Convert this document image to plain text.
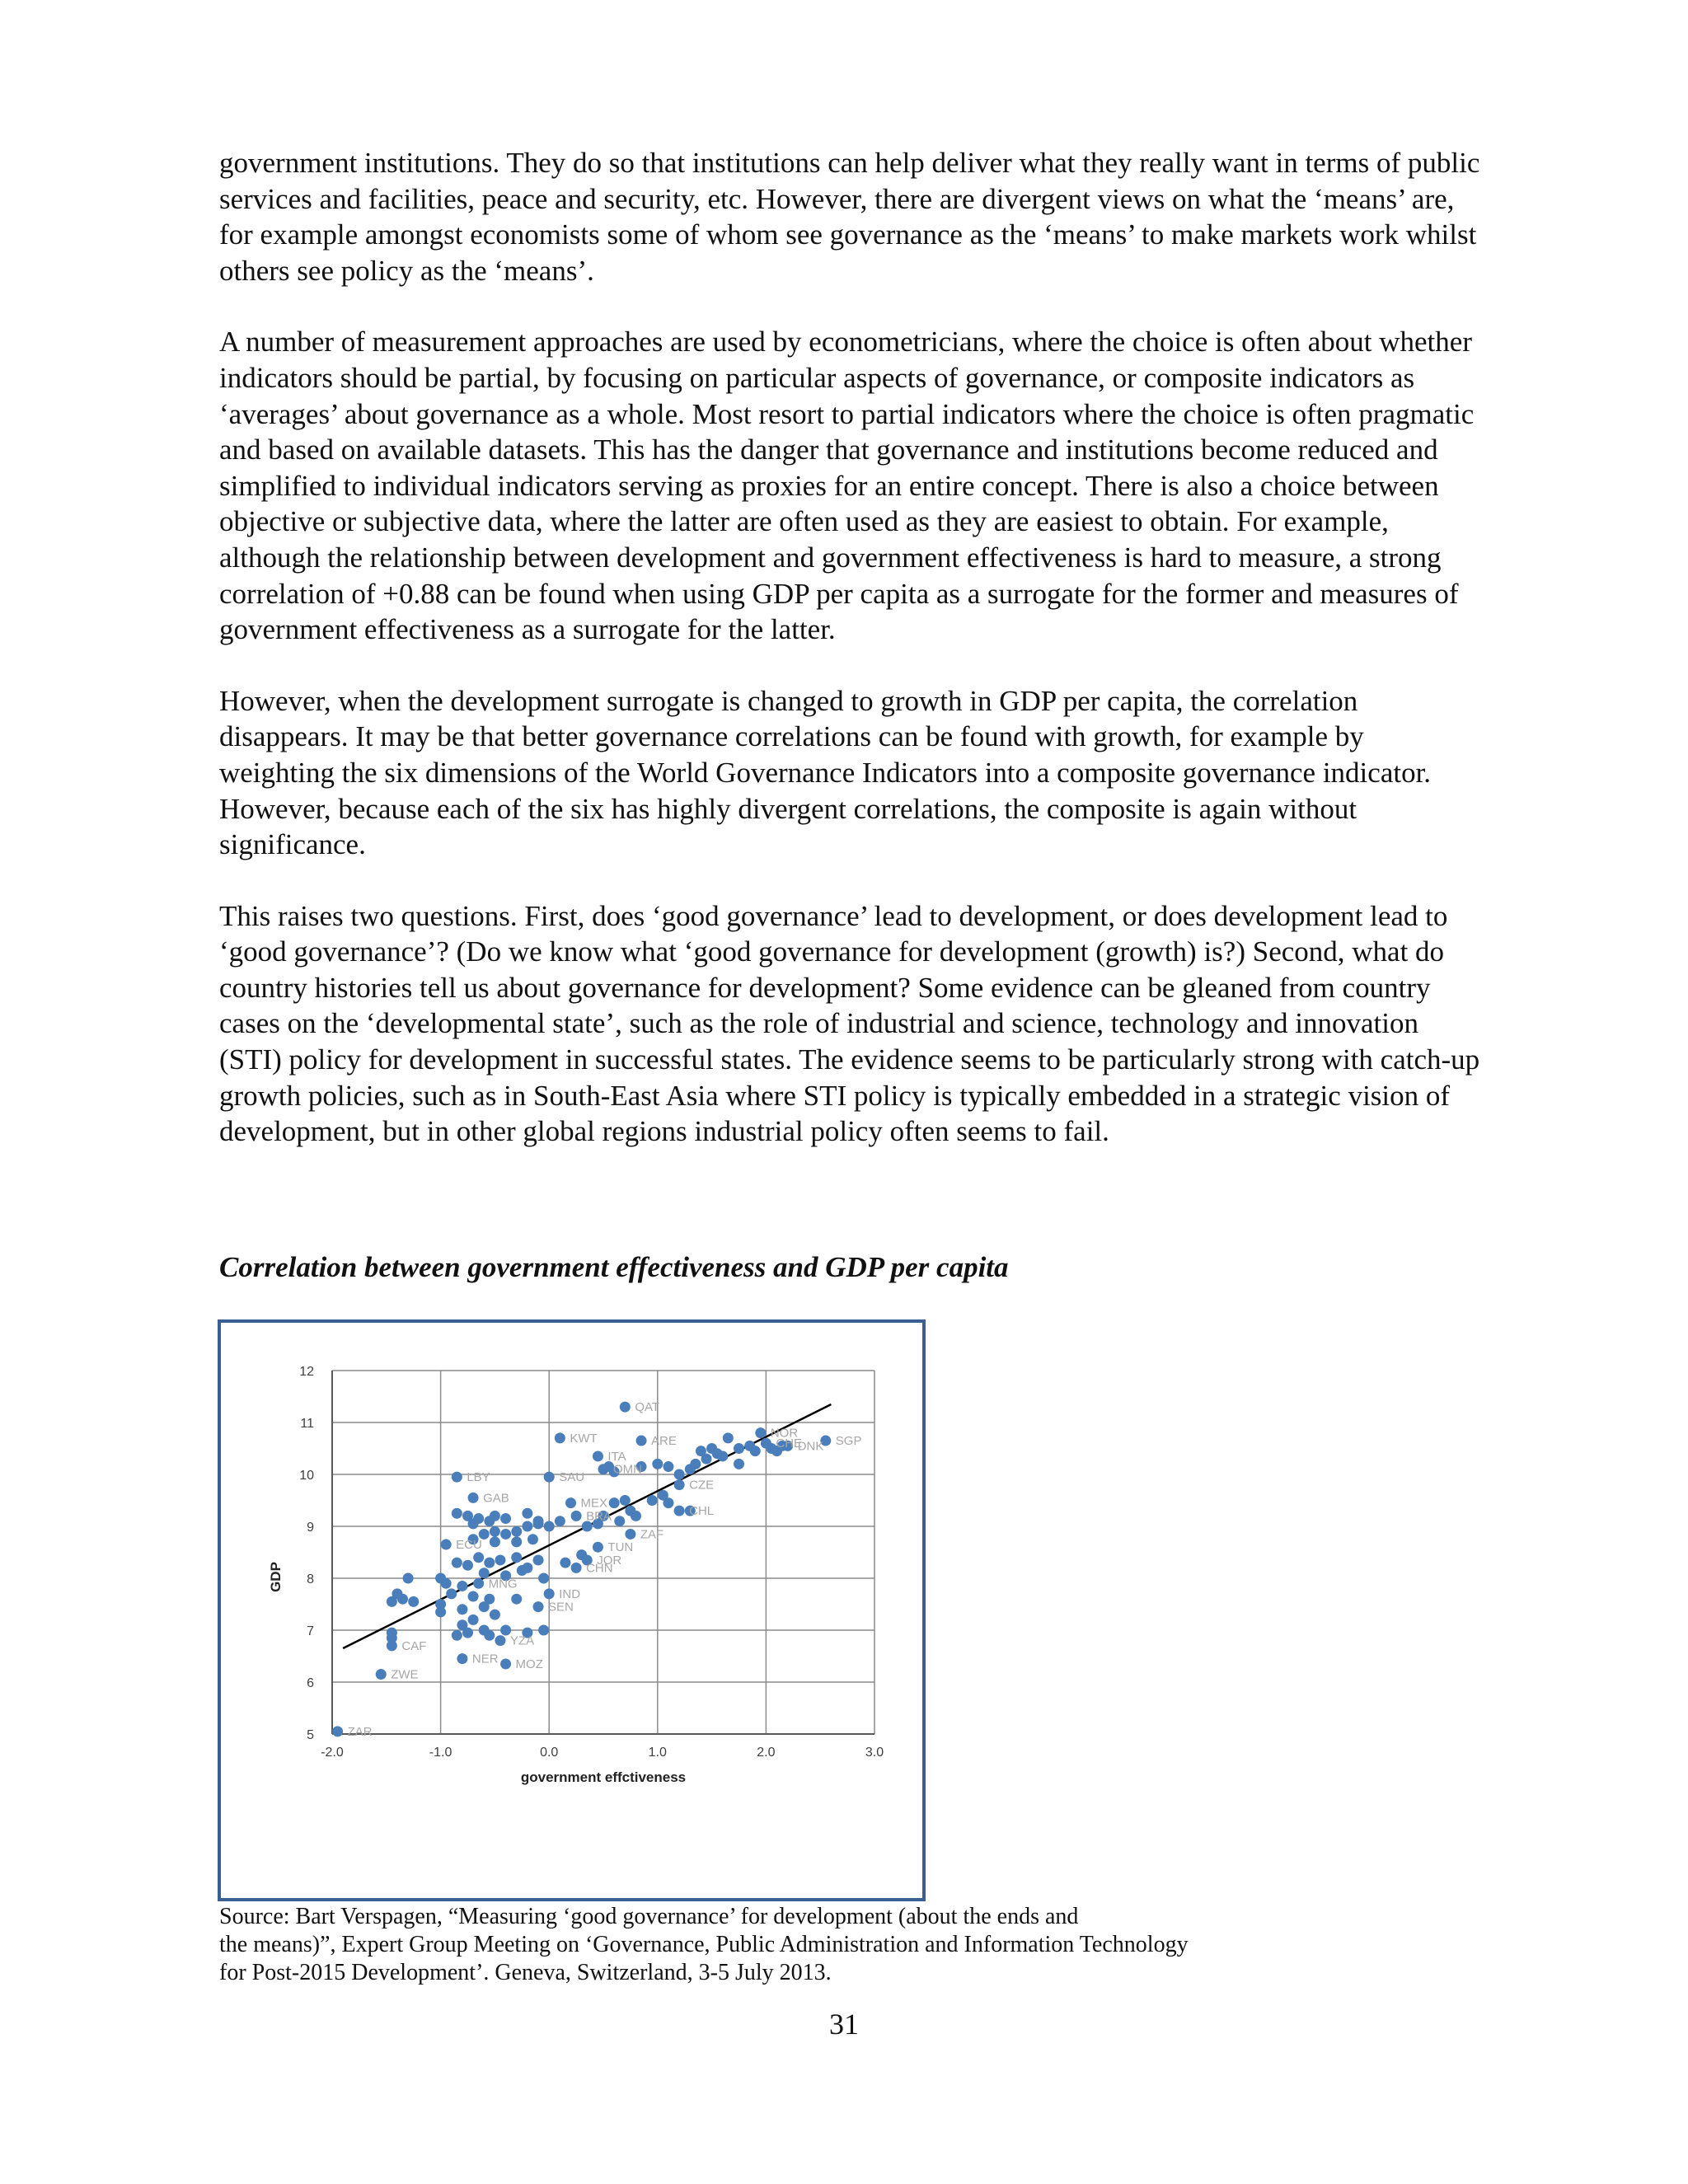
government institutions. They do so that institutions can help deliver what they really want in terms of public services and facilities, peace and security, etc. However, there are divergent views on what the ‘means’ are, for example amongst economists some of whom see governance as the ‘means’ to make markets work whilst others see policy as the ‘means’.

A number of measurement approaches are used by econometricians, where the choice is often about whether indicators should be partial, by focusing on particular aspects of governance, or composite indicators as ‘averages’ about governance as a whole. Most resort to partial indicators where the choice is often pragmatic and based on available datasets. This has the danger that governance and institutions become reduced and simplified to individual indicators serving as proxies for an entire concept. There is also a choice between objective or subjective data, where the latter are often used as they are easiest to obtain. For example, although the relationship between development and government effectiveness is hard to measure, a strong correlation of +0.88 can be found when using GDP per capita as a surrogate for the former and measures of government effectiveness as a surrogate for the latter.

However, when the development surrogate is changed to growth in GDP per capita, the correlation disappears. It may be that better governance correlations can be found with growth, for example by weighting the six dimensions of the World Governance Indicators into a composite governance indicator. However, because each of the six has highly divergent correlations, the composite is again without significance.

This raises two questions. First, does ‘good governance’ lead to development, or does development lead to ‘good governance’? (Do we know what ‘good governance for development (growth) is?) Second, what do country histories tell us about governance for development? Some evidence can be gleaned from country cases on the ‘developmental state’, such as the role of industrial and science, technology and innovation (STI) policy for development in successful states. The evidence seems to be particularly strong with catch-up growth policies, such as in South-East Asia where STI policy is typically embedded in a strategic vision of development, but in other global regions industrial policy often seems to fail.

Correlation between government effectiveness and GDP per capita
QAT
KWT	ARE
NOR
SGP
CHE
DNK
ITA
SAU
OMN
CZE
LBY
GAB	MEX
BRA	CHL
ZAF
ECU	TUN
JOR
CHN
MNG
IND
SEN
YZA
NER MOZ
CAF
ZWE
ZAR
-2.0	-1.0	0.0	1.0	2.0	3.0
5
6
7
8
9
10
11
12
government effctiveness
GDP
Source: Bart Verspagen, “Measuring ‘good governance’ for development (about the ends and
the means)”, Expert Group Meeting on ‘Governance, Public Administration and Information Technology
for Post-2015 Development’. Geneva, Switzerland, 3-5 July 2013.
31
